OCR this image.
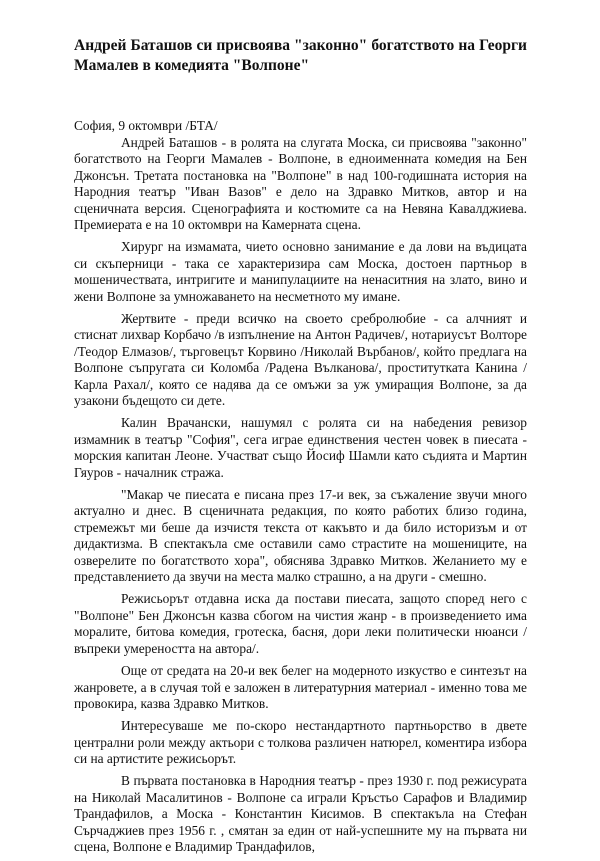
Андрей Баташов си присвоява "законно" богатството на Георги Мамалев в комедията "Волпоне"

София, 9 октомври /БТА/

Андрей Баташов - в ролята на слугата Моска, си присвоява "законно" богатството на Георги Мамалев - Волпоне, в едноименната комедия на Бен Джонсън. Третата постановка на "Волпоне" в над 100-годишната история на Народния театър "Иван Вазов" е дело на Здравко Митков, автор и на сценичната версия. Сценографията и костюмите са на Невяна Кавалджиева. Премиерата е на 10 октомври на Камерната сцена.

Хирург на измамата, чието основно занимание е да лови на въдицата си скъперници - така се характеризира сам Моска, достоен партньор в мошеничествата, интригите и манипулациите на ненаситния на злато, вино и жени Волпоне за умножаването на несметното му имане.

Жертвите - преди всичко на своето сребролюбие - са алчният и стиснат лихвар Корбачо /в изпълнение на Антон Радичев/, нотариусът Волторе /Теодор Елмазов/, търговецът Корвино /Николай Върбанов/, който предлага на Волпоне съпругата си Коломба /Радена Вълканова/, проститутката Канина /Карла Рахал/, която се надява да се омъжи за уж умиращия Волпоне, за да узакони бъдещото си дете.

Калин Врачански, нашумял с ролята си на набедения ревизор измамник в театър "София", сега играе единствения честен човек в пиесата - морския капитан Леоне. Участват също Йосиф Шамли като съдията и Мартин Гяуров - началник стража.

"Макар че пиесата е писана през 17-и век, за съжаление звучи много актуално и днес. В сценичната редакция, по която работих близо година, стремежът ми беше да изчистя текста от какъвто и да било историзъм и от дидактизма. В спектакъла сме оставили само страстите на мошениците, на озверелите по богатството хора", обяснява Здравко Митков. Желанието му е представлението да звучи на места малко страшно, а на други - смешно.

Режисьорът отдавна иска да постави пиесата, защото според него с "Волпоне" Бен Джонсън казва сбогом на чистия жанр - в произведението има моралите, битова комедия, гротеска, басня, дори леки политически нюанси /въпреки умереността на автора/.

Още от средата на 20-и век белег на модерното изкуство е синтезът на жанровете, а в случая той е заложен в литературния материал - именно това ме провокира, казва Здравко Митков.

Интересуваше ме по-скоро нестандартното партньорство в двете централни роли между актьори с толкова различен натюрел, коментира избора си на артистите режисьорът.

В първата постановка в Народния театър - през 1930 г. под режисурата на Николай Масалитинов - Волпоне са играли Кръстьо Сарафов и Владимир Трандафилов, а Моска - Константин Кисимов. В спектакъла на Стефан Сърчаджиев през 1956 г. , смятан за един от най-успешните му на първата ни сцена, Волпоне е Владимир Трандафилов,
